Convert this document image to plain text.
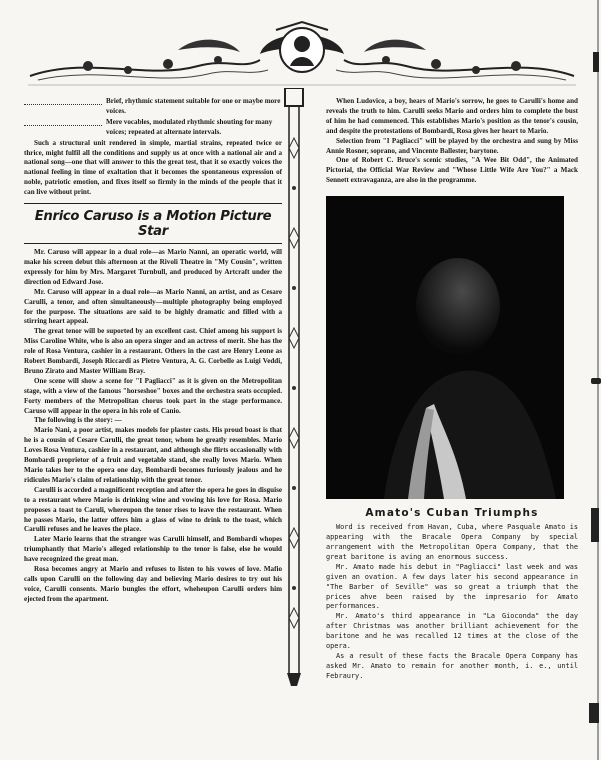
Brief, rhythmic statement suitable for one or maybe more voices.
Mere vocables, modulated rhythmic shouting for many voices; repeated at alternate intervals.

Such a structural unit rendered in simple, martial strains, repeated twice or thrice, might fulfil all the conditions and supply us at once with a national air and a national song—one that will answer to this the great test, that it so exactly voices the national feeling in time of exaltation that it becomes the spontaneous expression of noble, patriotic emotion, and fixes itself so firmly in the minds of the people that it can live without print.

Enrico Caruso is a Motion Picture Star

Mr. Caruso will appear in a dual role—as Mario Nanni, an operatic world, will make his screen debut this afternoon at the Rivoli Theatre in "My Cousin", written expressly for him by Mrs. Margaret Turnbull, and produced by Artcraft under the direction od Edward Jose.

Mr. Caruso will appear in a dual role—as Mario Nanni, an artist, and as Cesare Carulli, a tenor, and often simultaneously—multiple photography being employed for the purpose. The situations are said to be highly dramatic and filled with a stirring heart appeal.

The great tenor will be suported by an excellent cast. Chief among his support is Miss Caroline White, who is also an opera singer and an actress of merit. She has the role of Rosa Ventura, cashier in a restaurant. Others in the cast are Henry Leone as Robert Bombardi, Joseph Riccardi as Pietro Ventura, A. G. Corbelle as Luigi Veddi, Bruno Zirato and Master William Bray.

One scene will show a scene for "I Pagliacci" as it is given on the Metropolitan stage, with a view of the famous "horseshoe" boxes and the orchestra seats occupied. Forty members of the Metropolitan chorus took part in the stage performance. Caruso will appear in the opera in his role of Canio.

The following is the story: —

Mario Nani, a poor artist, makes models for plaster casts. His proud boast is that he is a cousin of Cesare Carulli, the great tenor, whom he greatly resembles. Mario Loves Rosa Ventura, cashier in a restaurant, and although she flirts occasionally with Bombardi proprietor of a fruit and vegetable stand, she really loves Mario. When Mario takes her to the opera one day, Bombardi becomes furiously jealous and he ridicules Mario's claim of relationship with the great tenor.

Carulli is accorded a magnificent reception and after the opera he goes in disguise to a restaurant where Mario is drinking wine and vowing his love for Rosa. Mario proposes a toast to Caruli, whereupon the tenor rises to leave the restaurant. When he passes Mario, the latter offers him a glass of wine to drink to the toast, which Carulli refuses and he leaves the place.

Later Mario learns that the stranger was Carulli himself, and Bombardi whopes triumphantly that Mario's alleged relationship to the tenor is false, else he would have recognized the great man.

Rosa becomes angry at Mario and refuses to listen to his vowes of love. Mafio calls upon Carulli on the following day and believing Mario desires to try out his voice, Carulli consents. Mario bungles the effort, wheheupon Carulli orders him ejected from the apartment.

When Ludovico, a boy, hears of Mario's sorrow, he goes to Carulli's home and reveals the truth to him. Carulli seeks Mario and orders him to complete the bust of him he had commenced. This establishes Mario's position as the tenor's cousin, and despite the protestations of Bombardi, Rosa gives her heart to Mario.

Selection from "I Pagliacci" will be played by the orchestra and sung by Miss Annie Rosner, soprano, and Vincente Ballester, barytone.

One of Robert C. Bruce's scenic studies, "A Wee Bit Odd", the Animated Pictorial, the Official War Review and "Whose Little Wife Are You?" a Mack Sennett extravaganza, are also in the programme.

Amato's Cuban Triumphs

Word is received from Havan, Cuba, where Pasquale Amato is appearing with the Bracale Opera Company by special arrangement with the Metropolitan Opera Company, that the great baritone is aving an enormous success.

Mr. Amato made his debut in "Pagliacci" last week and was given an ovation. A few days later his second appearance in "The Barber of Seville" was so great a triumph that the prices ahve been raised by the impresario for Amato performances.

Mr. Amato's third appearance in "La Gioconda" the day after Christmas was another brilliant achievement for the baritone and he was recalled 12 times at the close of the opera.

As a result of these facts the Bracale Opera Company has asked Mr. Amato to remain for another month, i. e., until Febraury.
